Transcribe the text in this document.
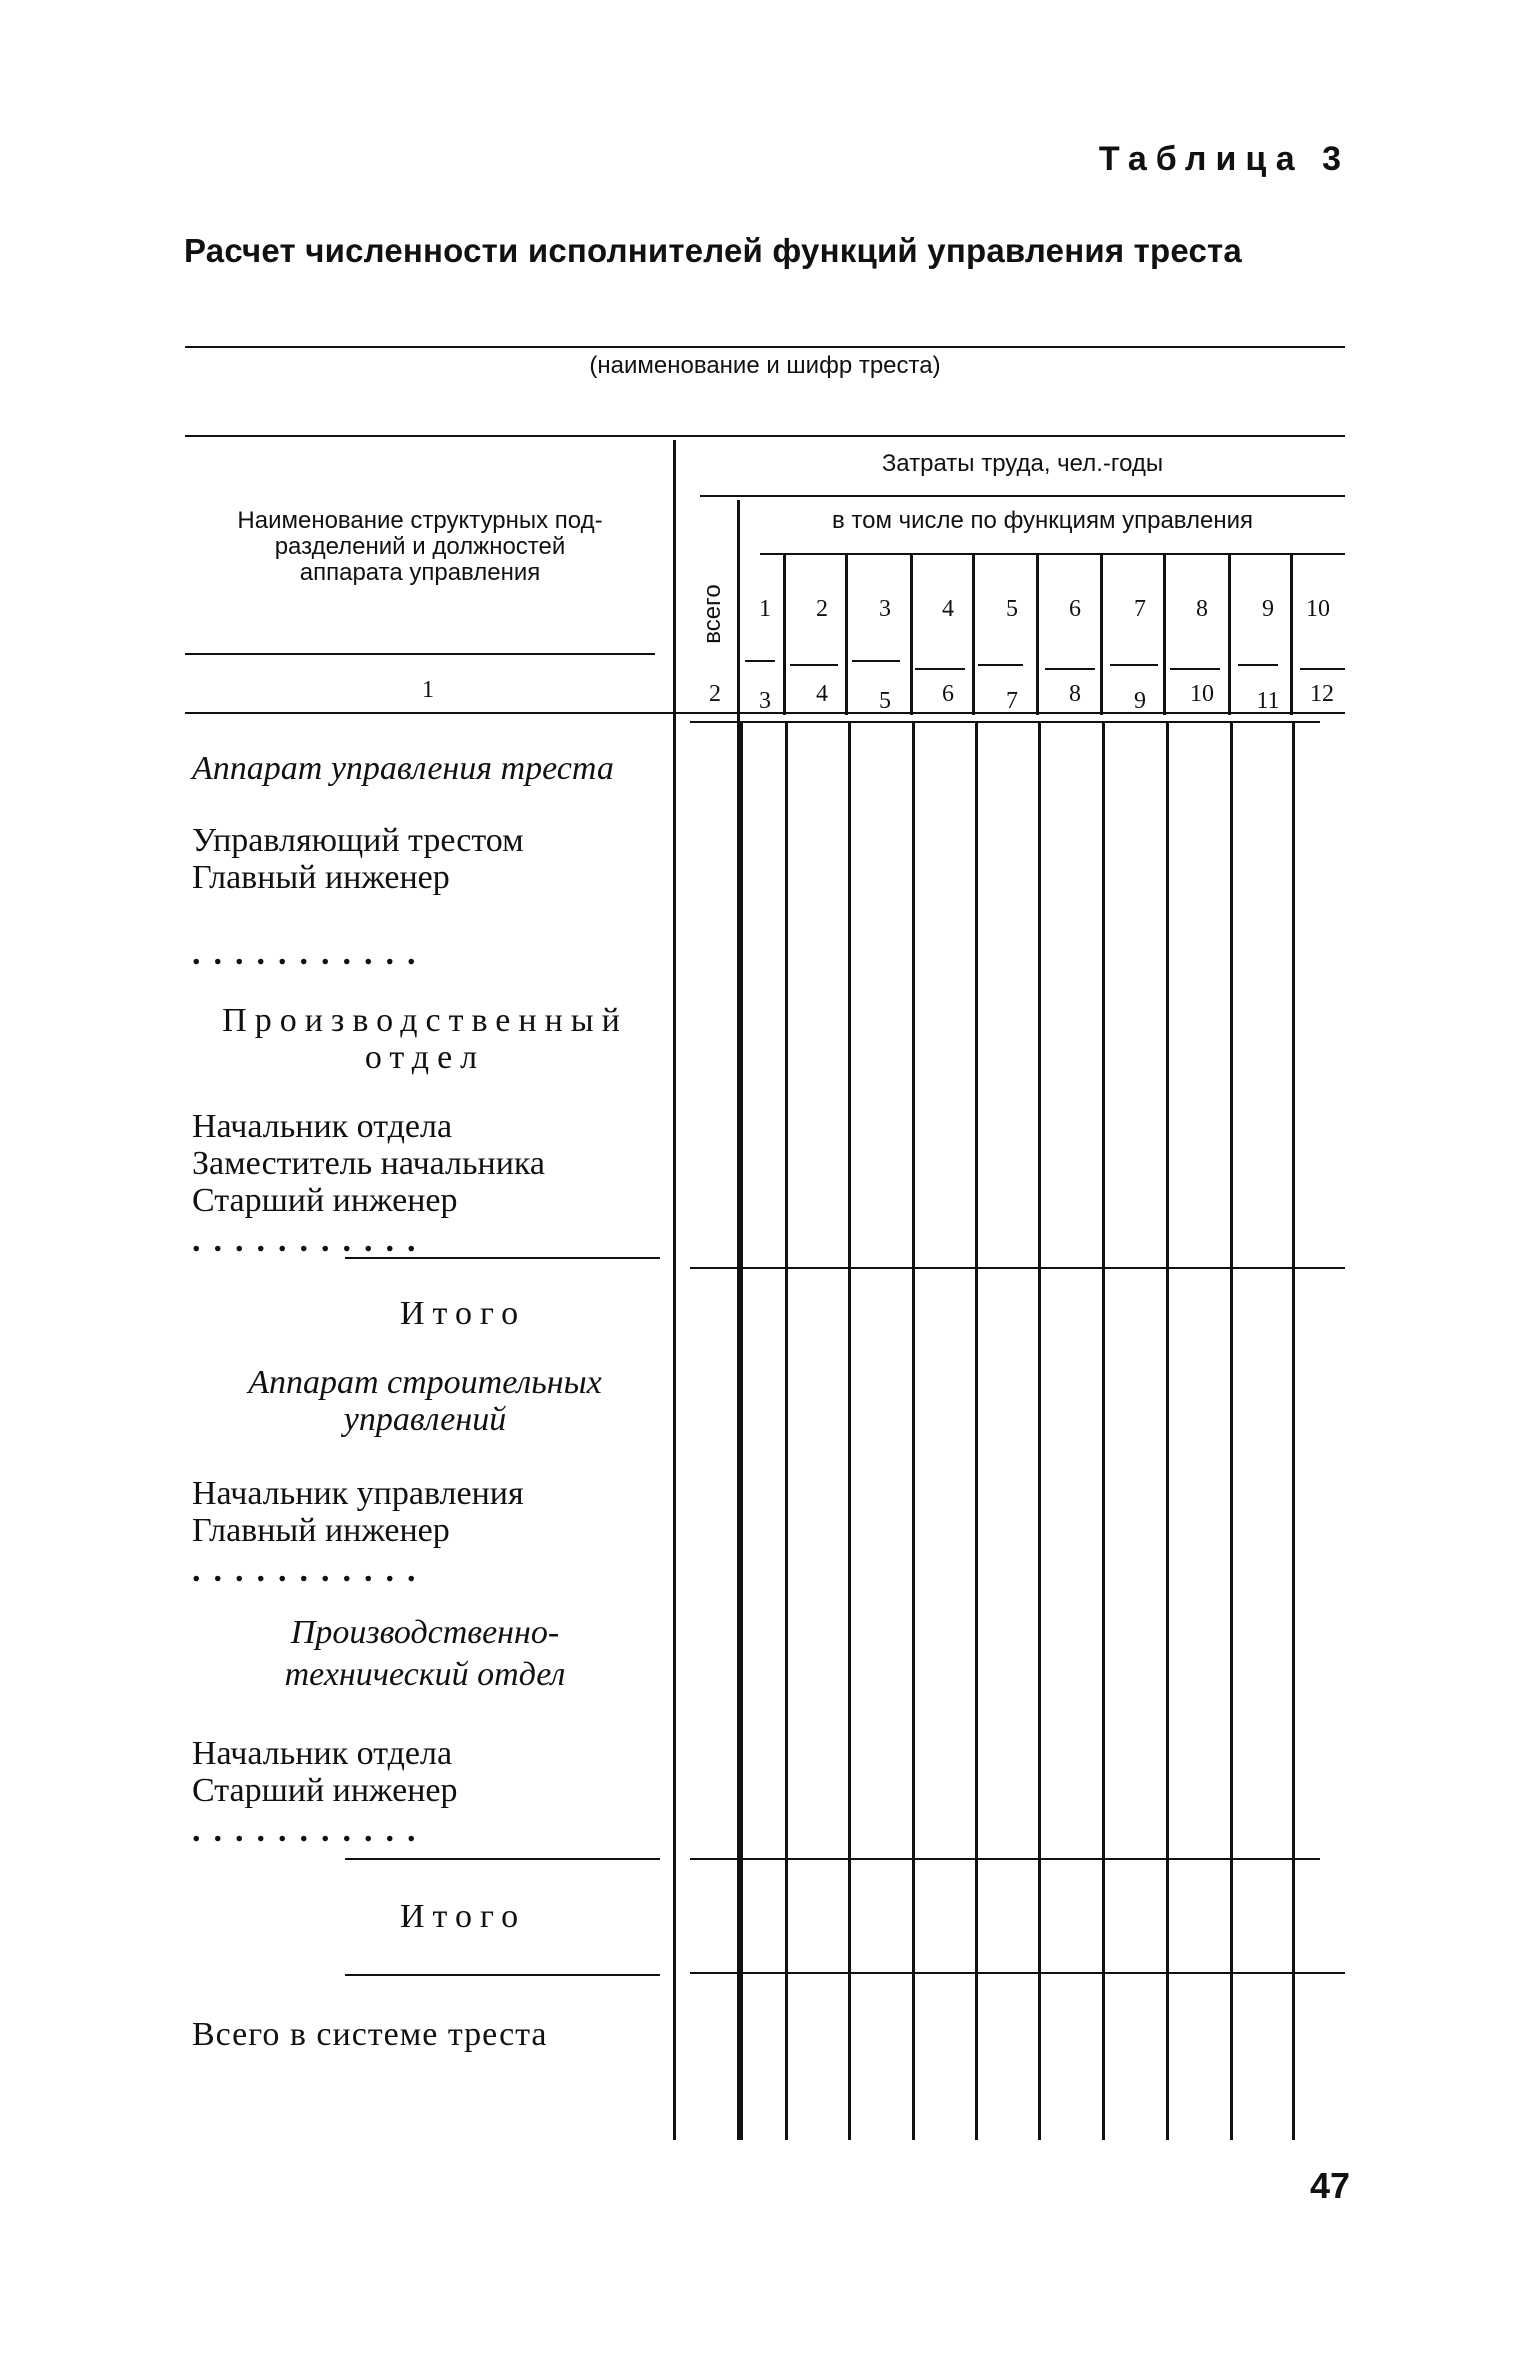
Таблица 3
Расчет численности исполнителей функций управления треста
(наименование и шифр треста)
Наименование структурных под-
разделений и должностей
аппарата управления
Затраты труда, чел.-годы
в том числе по функциям управления
всего	1	2	3	4	5	6	7	8	9	10
2	3	4	5	6	7	8	9	10	11	12
1
Аппарат управления треста
Управляющий трестом
Главный инженер
...........
Производственный
отдел
Начальник отдела
Заместитель начальника
Старший инженер
...........
Итого
Аппарат строительных
управлений
Начальник управления
Главный инженер
...........
Производственно-
технический отдел
Начальник отдела
Старший инженер
...........
Итого
Всего в системе треста
47
